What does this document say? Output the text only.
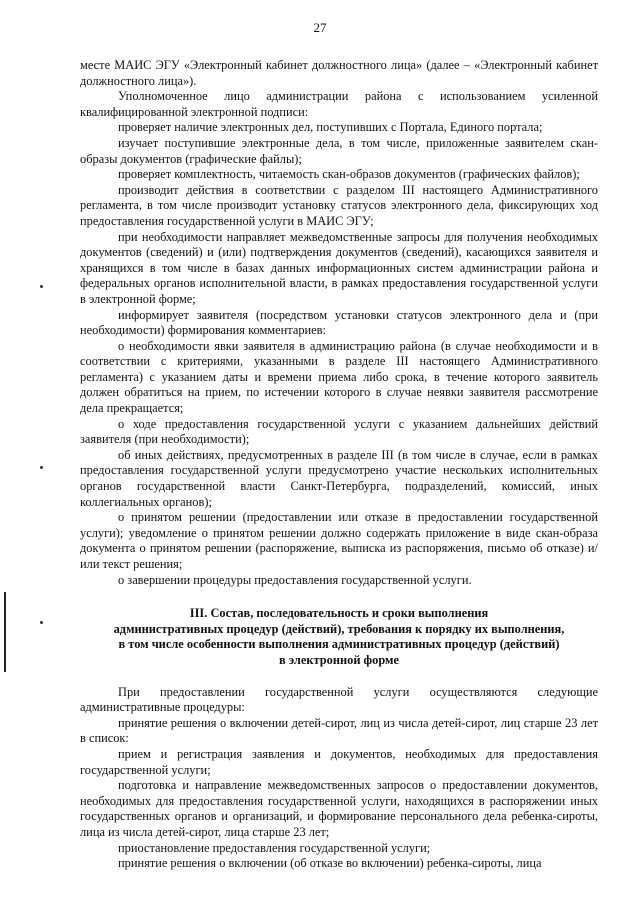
27

месте МАИС ЭГУ «Электронный кабинет должностного лица» (далее – «Электронный кабинет должностного лица»).

Уполномоченное лицо администрации района с использованием усиленной квалифицированной электронной подписи:

проверяет наличие электронных дел, поступивших с Портала, Единого портала;

изучает поступившие электронные дела, в том числе, приложенные заявителем скан-образы документов (графические файлы);

проверяет комплектность, читаемость скан-образов документов (графических файлов);

производит действия в соответствии с разделом III настоящего Административного регламента, в том числе производит установку статусов электронного дела, фиксирующих ход предоставления государственной услуги в МАИС ЭГУ;

при необходимости направляет межведомственные запросы для получения необходимых документов (сведений) и (или) подтверждения документов (сведений), касающихся заявителя и хранящихся в том числе в базах данных информационных систем администрации района и федеральных органов исполнительной власти, в рамках предоставления государственной услуги в электронной форме;

информирует заявителя (посредством установки статусов электронного дела и (при необходимости) формирования комментариев:

о необходимости явки заявителя в администрацию района (в случае необходимости и в соответствии с критериями, указанными в разделе III настоящего Административного регламента) с указанием даты и времени приема либо срока, в течение которого заявитель должен обратиться на прием, по истечении которого в случае неявки заявителя рассмотрение дела прекращается;

о ходе предоставления государственной услуги с указанием дальнейших действий заявителя (при необходимости);

об иных действиях, предусмотренных в разделе III (в том числе в случае, если в рамках предоставления государственной услуги предусмотрено участие нескольких исполнительных органов государственной власти Санкт-Петербурга, подразделений, комиссий, иных коллегиальных органов);

о принятом решении (предоставлении или отказе в предоставлении государственной услуги); уведомление о принятом решении должно содержать приложение в виде скан-образа документа о принятом решении (распоряжение, выписка из распоряжения, письмо об отказе) и/или текст решения;

о завершении процедуры предоставления государственной услуги.

III. Состав, последовательность и сроки выполнения
административных процедур (действий), требования к порядку их выполнения,
в том числе особенности выполнения административных процедур (действий)
в электронной форме

При предоставлении государственной услуги осуществляются следующие административные процедуры:

принятие решения о включении детей-сирот, лиц из числа детей-сирот, лиц старше 23 лет в список:

прием и регистрация заявления и документов, необходимых для предоставления государственной услуги;

подготовка и направление межведомственных запросов о предоставлении документов, необходимых для предоставления государственной услуги, находящихся в распоряжении иных государственных органов и организаций, и формирование персонального дела ребенка-сироты, лица из числа детей-сирот, лица старше 23 лет;

приостановление предоставления государственной услуги;

принятие решения о включении (об отказе во включении) ребенка-сироты, лица
